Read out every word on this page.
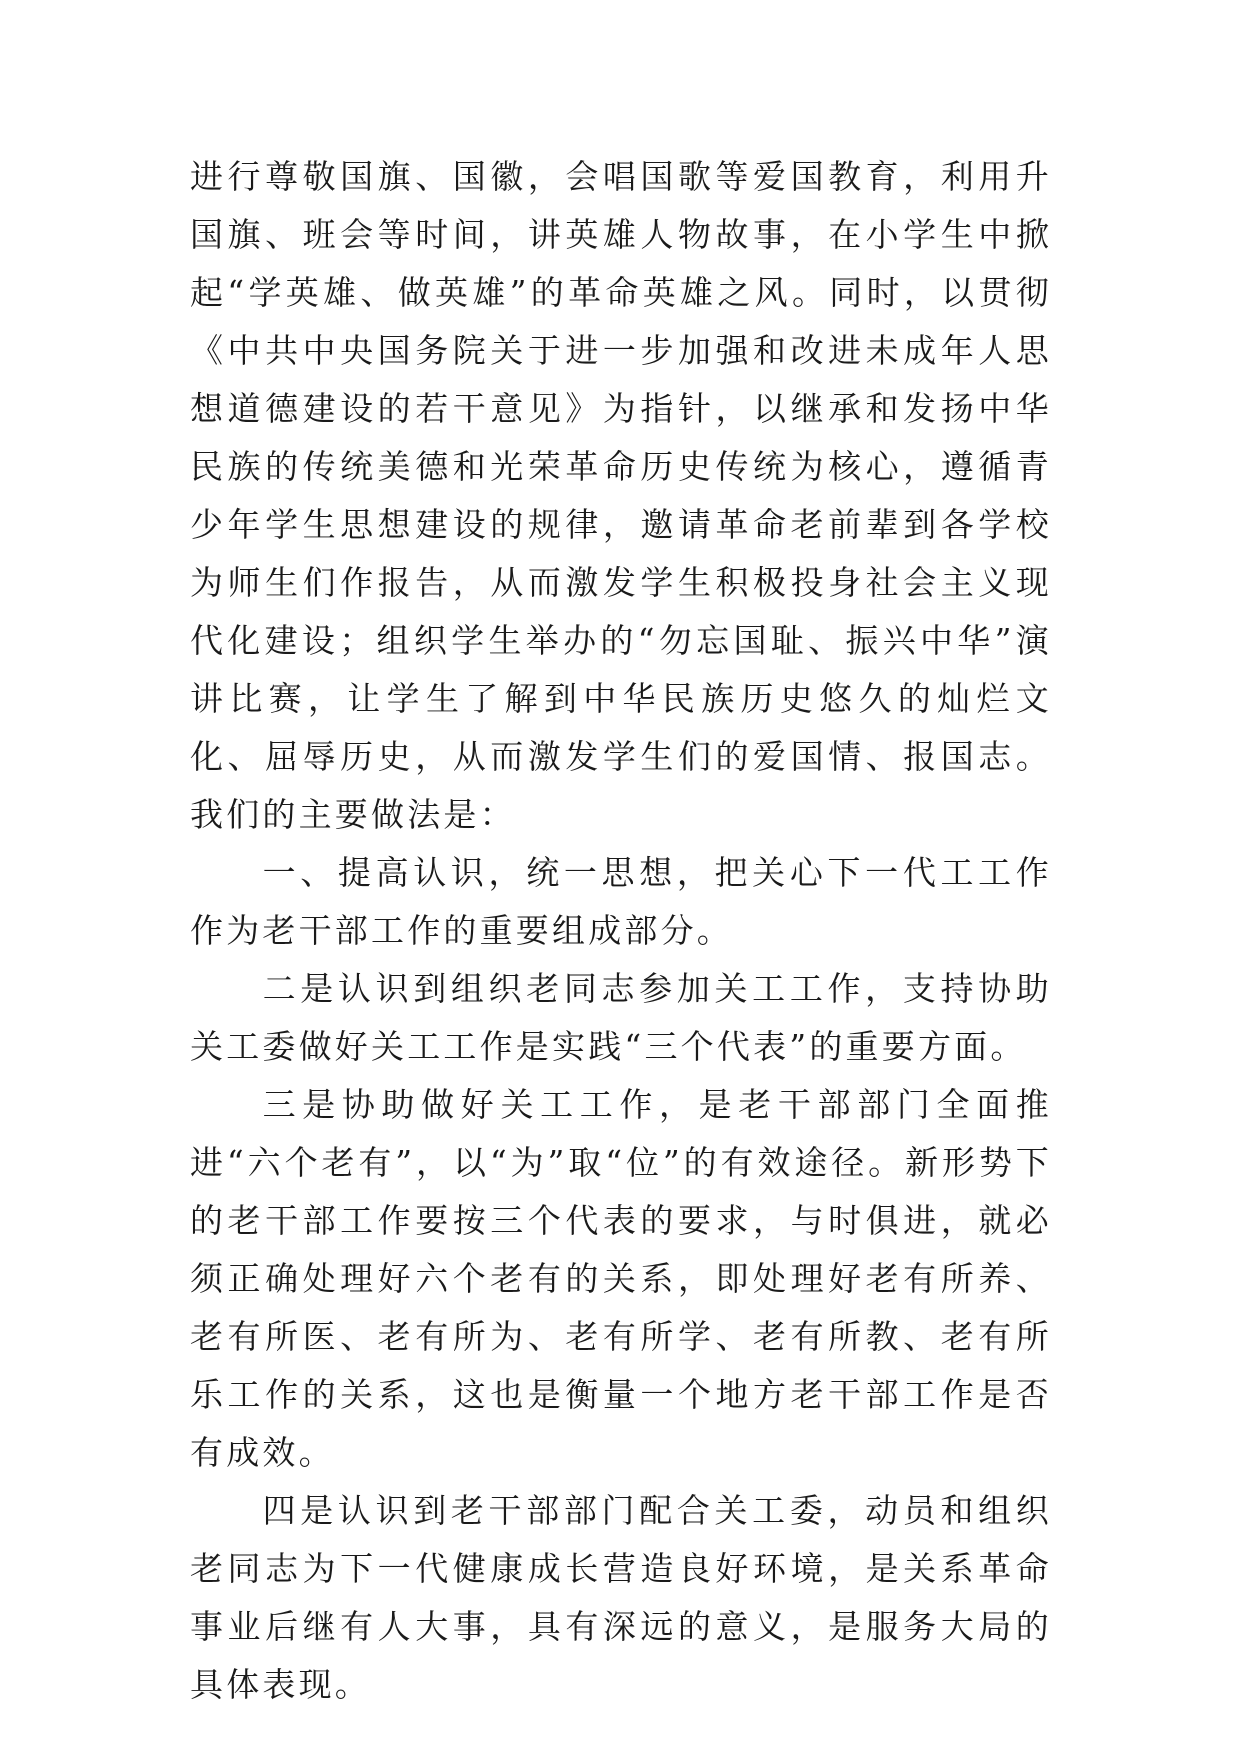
进行尊敬国旗、国徽，会唱国歌等爱国教育，利用升国旗、班会等时间，讲英雄人物故事，在小学生中掀起“学英雄、做英雄”的革命英雄之风。同时，以贯彻《中共中央国务院关于进一步加强和改进未成年人思想道德建设的若干意见》为指针，以继承和发扬中华民族的传统美德和光荣革命历史传统为核心，遵循青少年学生思想建设的规律，邀请革命老前辈到各学校为师生们作报告，从而激发学生积极投身社会主义现代化建设；组织学生举办的“勿忘国耻、振兴中华”演讲比赛，让学生了解到中华民族历史悠久的灿烂文化、屈辱历史，从而激发学生们的爱国情、报国志。我们的主要做法是：

一、提高认识，统一思想，把关心下一代工工作作为老干部工作的重要组成部分。

二是认识到组织老同志参加关工工作，支持协助关工委做好关工工作是实践“三个代表”的重要方面。

三是协助做好关工工作，是老干部部门全面推进“六个老有”，以“为”取“位”的有效途径。新形势下的老干部工作要按三个代表的要求，与时俱进，就必须正确处理好六个老有的关系，即处理好老有所养、老有所医、老有所为、老有所学、老有所教、老有所乐工作的关系，这也是衡量一个地方老干部工作是否有成效。

四是认识到老干部部门配合关工委，动员和组织老同志为下一代健康成长营造良好环境，是关系革命事业后继有人大事，具有深远的意义，是服务大局的具体表现。
